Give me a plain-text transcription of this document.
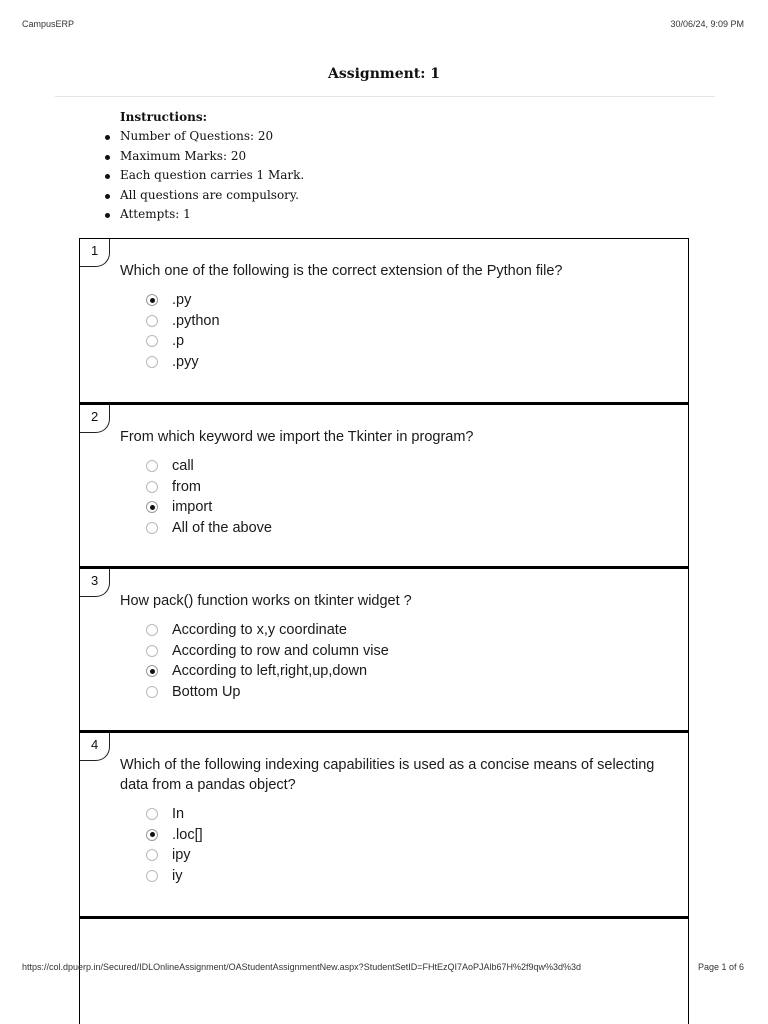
CampusERP	30/06/24, 9:09 PM
Assignment: 1
Instructions:
Number of Questions: 20
Maximum Marks: 20
Each question carries 1 Mark.
All questions are compulsory.
Attempts: 1
1
Which one of the following is the correct extension of the Python file?
.py
.python
.p
.pyy
2
From which keyword we import the Tkinter in program?
call
from
import
All of the above
3
How pack() function works on tkinter widget ?
According to x,y coordinate
According to row and column vise
According to left,right,up,down
Bottom Up
4
Which of the following indexing capabilities is used as a concise means of selecting data from a pandas object?
In
.loc[]
ipy
iy
https://col.dpuerp.in/Secured/IDLOnlineAssignment/OAStudentAssignmentNew.aspx?StudentSetID=FHtEzQI7AoPJAlb67H%2f9qw%3d%3d	Page 1 of 6
